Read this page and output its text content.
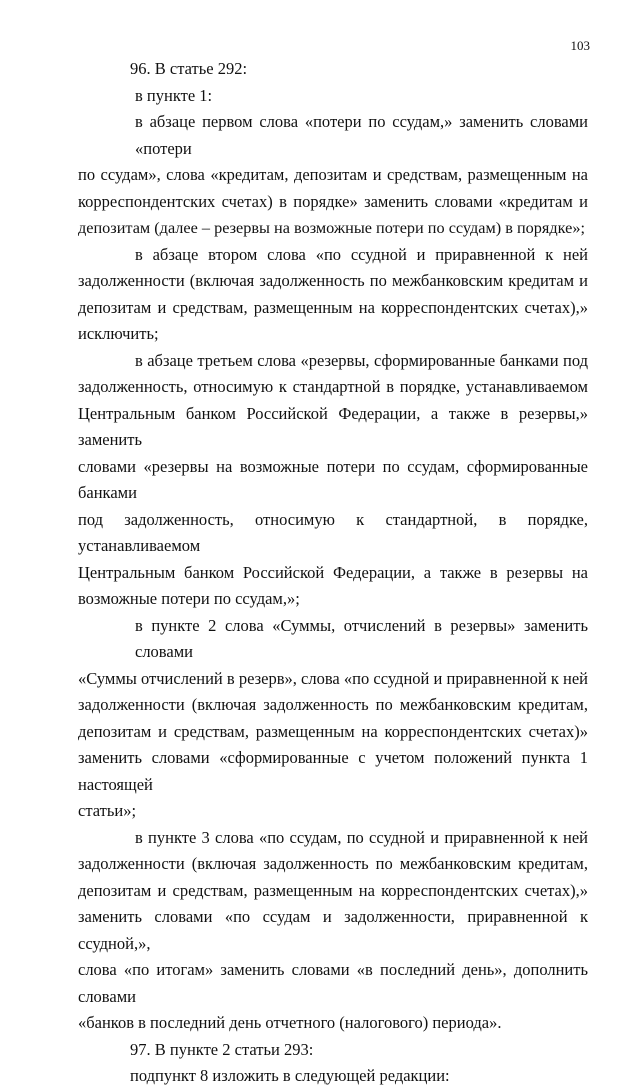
103
96. В статье 292:
в пункте 1:
в абзаце первом слова «потери по ссудам,» заменить словами «потери
по ссудам», слова «кредитам, депозитам и средствам, размещенным на
корреспондентских счетах) в порядке» заменить словами «кредитам и
депозитам (далее – резервы на возможные потери по ссудам) в порядке»;
в абзаце втором слова «по ссудной и приравненной к ней
задолженности (включая задолженность по межбанковским кредитам и
депозитам и средствам, размещенным на корреспондентских счетах),»
исключить;
в абзаце третьем слова «резервы, сформированные банками под
задолженность, относимую к стандартной в порядке, устанавливаемом
Центральным банком Российской Федерации, а также в резервы,» заменить
словами «резервы на возможные потери по ссудам, сформированные банками
под задолженность, относимую к стандартной, в порядке, устанавливаемом
Центральным банком Российской Федерации, а также в резервы на
возможные потери по ссудам,»;
в пункте 2 слова «Суммы, отчислений в резервы» заменить словами
«Суммы отчислений в резерв», слова «по ссудной и приравненной к ней
задолженности (включая задолженность по межбанковским кредитам,
депозитам и средствам, размещенным на корреспондентских счетах)»
заменить словами «сформированные с учетом положений пункта 1 настоящей
статьи»;
в пункте 3 слова «по ссудам, по ссудной и приравненной к ней
задолженности (включая задолженность по межбанковским кредитам,
депозитам и средствам, размещенным на корреспондентских счетах),»
заменить словами «по ссудам и задолженности, приравненной к ссудной,»,
слова «по итогам» заменить словами «в последний день», дополнить словами
«банков в последний день отчетного (налогового) периода».
97. В пункте 2 статьи 293:
подпункт 8 изложить в следующей редакции:
